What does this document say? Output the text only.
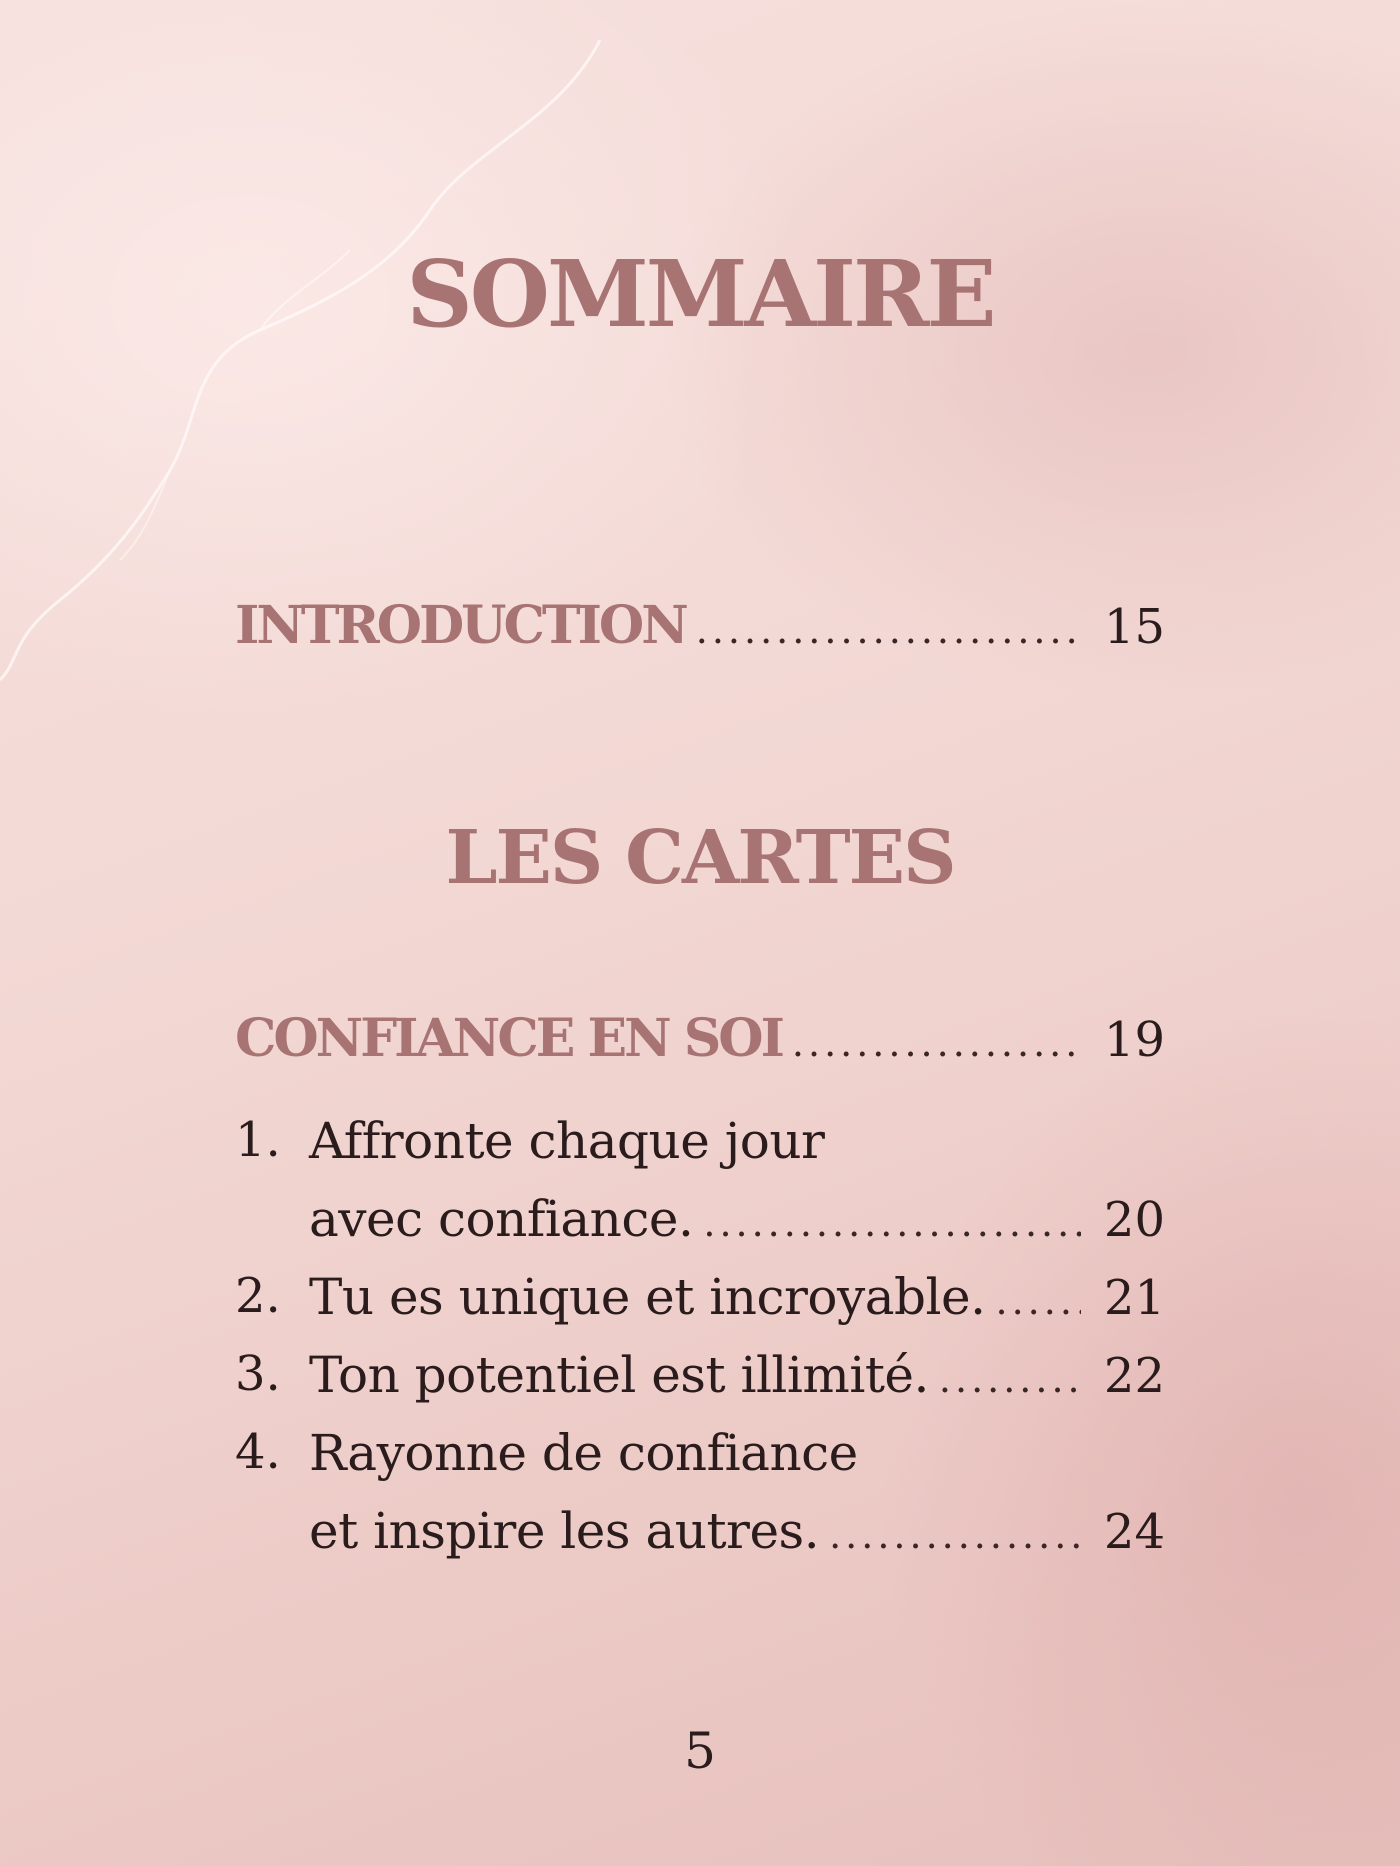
SOMMAIRE
INTRODUCTION .....	15
LES CARTES
CONFIANCE EN SOI .....	19
1. Affronte chaque jour
avec confiance. .....	20
2. Tu es unique et incroyable. ..... 21
3. Ton potentiel est illimité. .....	22
4. Rayonne de confiance
et inspire les autres. .....	24
5
